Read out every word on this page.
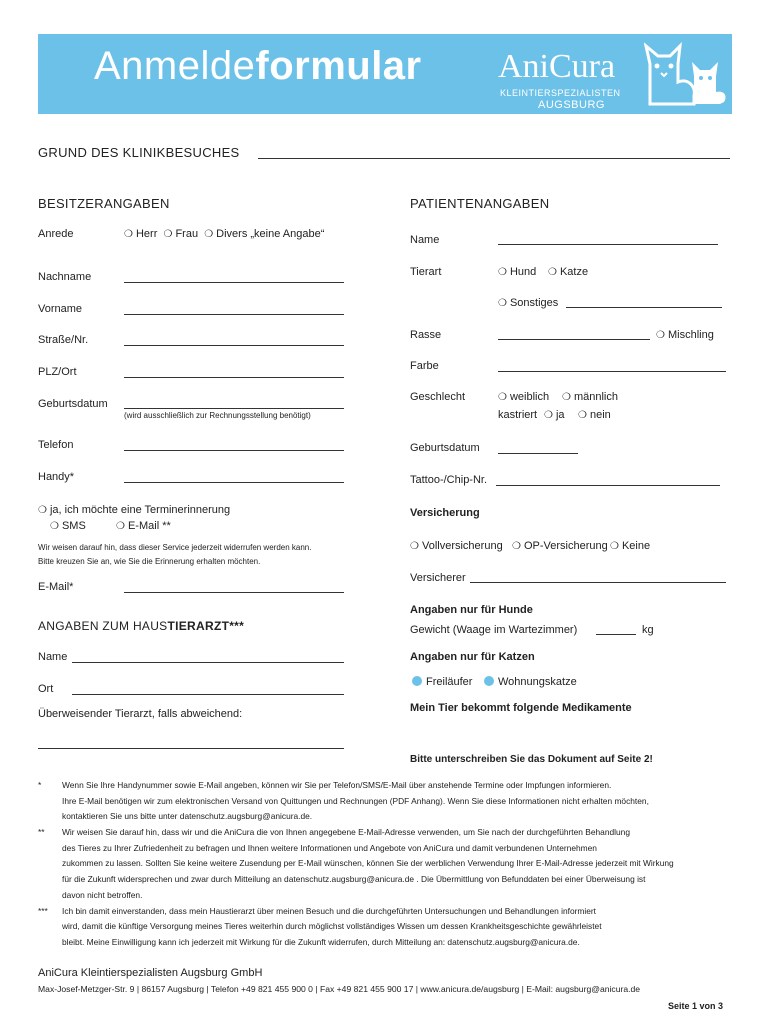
Anmeldeformular AniCura
KLEINTIERSPEZIALISTEN
AUGSBURG
GRUND DES KLINIKBESUCHES
BESITZERANGABEN
Anrede	❍ Herr ❍ Frau ❍ Divers „keine Angabe“
Nachname
Vorname
Straße/Nr.
PLZ/Ort
Geburtsdatum
(wird ausschließlich zur Rechnungsstellung benötigt)
Telefon
Handy*
❍ ja, ich möchte eine Terminerinnerung
❍ SMS	❍ E-Mail **
Wir weisen darauf hin, dass dieser Service jederzeit widerrufen werden kann.
Bitte kreuzen Sie an, wie Sie die Erinnerung erhalten möchten.
E-Mail*
ANGABEN ZUM HAUSTIERARZT***
Name
Ort
Überweisender Tierarzt, falls abweichend:
PATIENTENANGABEN
Name
Tierart	❍ Hund ❍ Katze
❍ Sonstiges
Rasse	❍ Mischling
Farbe
Geschlecht	❍ weiblich ❍ männlich
kastriert ❍ ja ❍ nein
Geburtsdatum
Tattoo-/Chip-Nr.
Versicherung
❍ Vollversicherung ❍ OP-Versicherung ❍ Keine
Versicherer
Angaben nur für Hunde
Gewicht (Waage im Wartezimmer)	kg
Angaben nur für Katzen
Freiläufer	Wohnungskatze
Mein Tier bekommt folgende Medikamente
Bitte unterschreiben Sie das Dokument auf Seite 2!
* Wenn Sie Ihre Handynummer sowie E-Mail angeben, können wir Sie per Telefon/SMS/E-Mail über anstehende Termine oder Impfungen informieren.
Ihre E-Mail benötigen wir zum elektronischen Versand von Quittungen und Rechnungen (PDF Anhang). Wenn Sie diese Informationen nicht erhalten möchten,
kontaktieren Sie uns bitte unter datenschutz.augsburg@anicura.de.
** Wir weisen Sie darauf hin, dass wir und die AniCura die von Ihnen angegebene E-Mail-Adresse verwenden, um Sie nach der durchgeführten Behandlung
des Tieres zu Ihrer Zufriedenheit zu befragen und Ihnen weitere Informationen und Angebote von AniCura und damit verbundenen Unternehmen
zukommen zu lassen. Sollten Sie keine weitere Zusendung per E-Mail wünschen, können Sie der werblichen Verwendung Ihrer E-Mail-Adresse jederzeit mit Wirkung
für die Zukunft widersprechen und zwar durch Mitteilung an datenschutz.augsburg@anicura.de . Die Übermittlung von Befunddaten bei einer Überweisung ist
davon nicht betroffen.
*** Ich bin damit einverstanden, dass mein Haustierarzt über meinen Besuch und die durchgeführten Untersuchungen und Behandlungen informiert
wird, damit die künftige Versorgung meines Tieres weiterhin durch möglichst vollständiges Wissen um dessen Krankheitsgeschichte gewährleistet
bleibt. Meine Einwilligung kann ich jederzeit mit Wirkung für die Zukunft widerrufen, durch Mitteilung an: datenschutz.augsburg@anicura.de.
AniCura Kleintierspezialisten Augsburg GmbH
Max-Josef-Metzger-Str. 9 | 86157 Augsburg | Telefon +49 821 455 900 0 | Fax +49 821 455 900 17 | www.anicura.de/augsburg | E-Mail: augsburg@anicura.de
Seite 1 von 3
